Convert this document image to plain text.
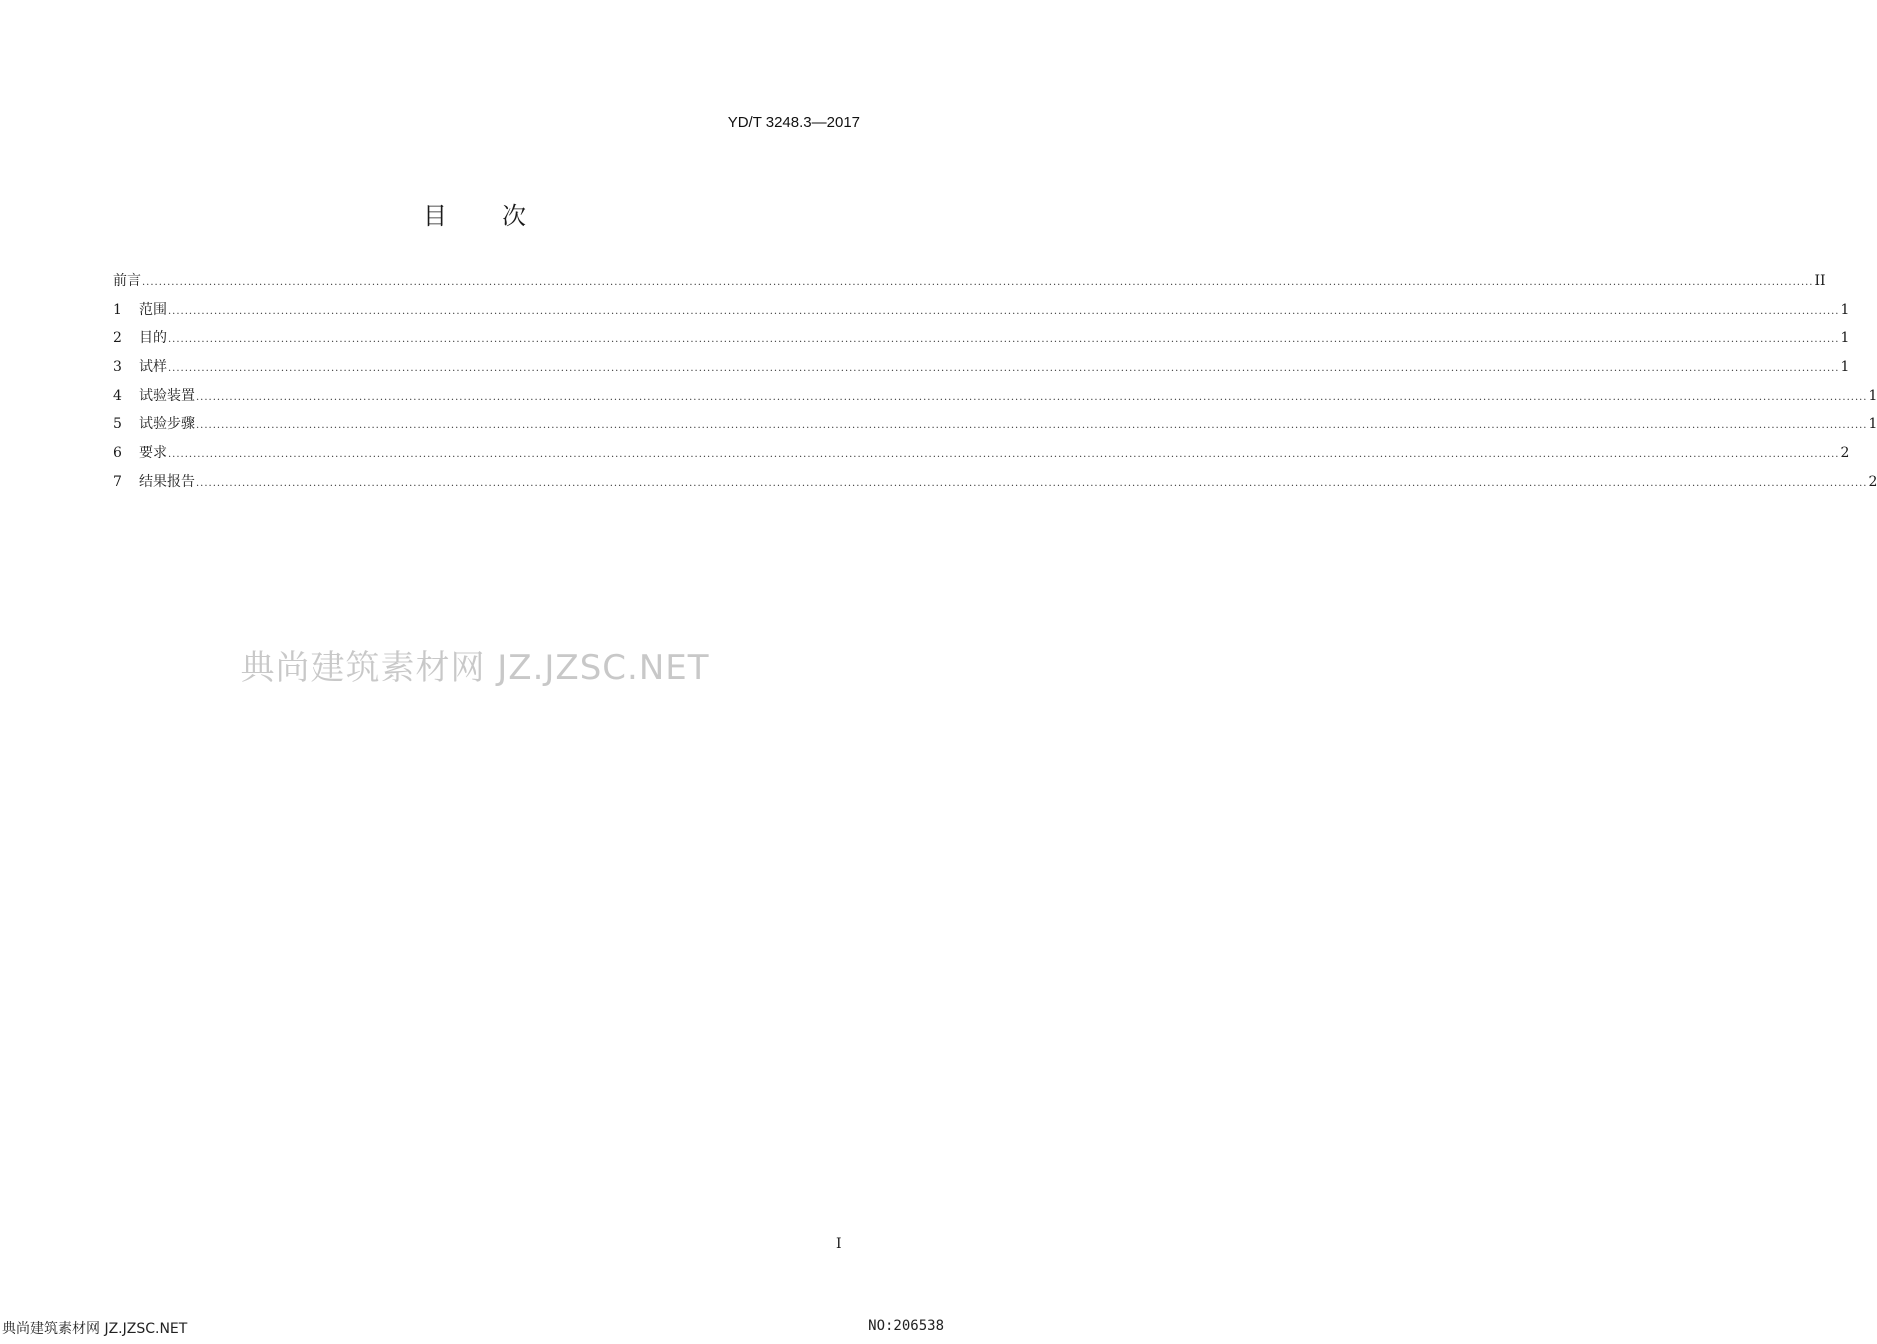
YD/T 3248.3—2017
目 次
前言 ................................................................................................................................................................................................................................................................................................................................................................................................................ II
1	范围 ................................................................................................................................................................................................................................................................................................................................................................................................................ 1
2	目的 ................................................................................................................................................................................................................................................................................................................................................................................................................ 1
3	试样 ................................................................................................................................................................................................................................................................................................................................................................................................................ 1
4	试验装置 ................................................................................................................................................................................................................................................................................................................................................................................................................ 1
5	试验步骤 ................................................................................................................................................................................................................................................................................................................................................................................................................ 1
6	要求 ................................................................................................................................................................................................................................................................................................................................................................................................................ 2
7	结果报告 ................................................................................................................................................................................................................................................................................................................................................................................................................ 2
典尚建筑素材网 JZ.JZSC.NET
I
典尚建筑素材网 JZ.JZSC.NET	NO:206538
